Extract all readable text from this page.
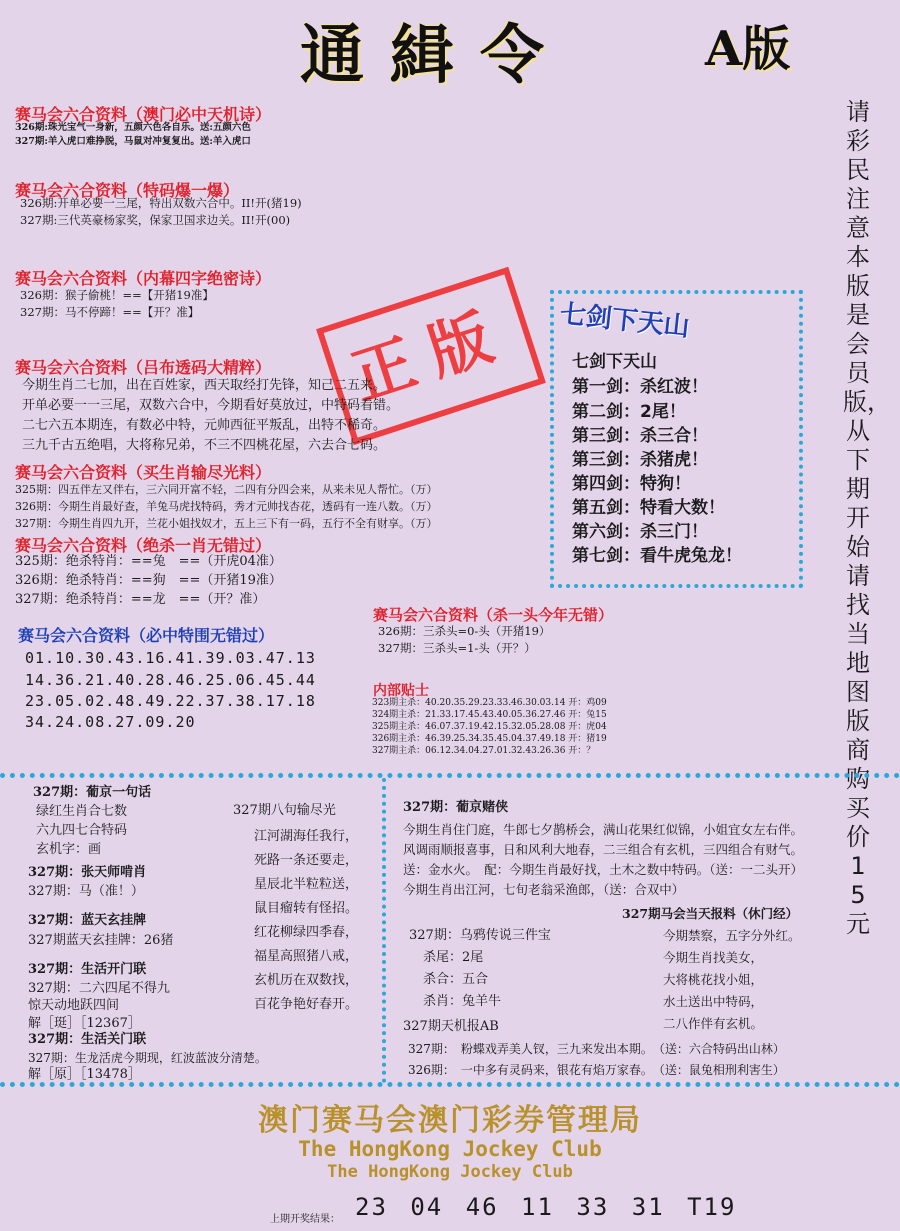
通緝令	A版
赛马会六合资料（澳门必中天机诗）
326期:珠光宝气一身新，五颜六色各自乐。送:五颜六色
327期:羊入虎口难挣脱，马鼠对冲复复出。送:羊入虎口
赛马会六合资料（特码爆一爆）
326期:开单必要一三尾，特出双数六合中。II!开(猪19)
327期:三代英豪杨家奖，保家卫国求边关。II!开(00)
赛马会六合资料（内幕四字绝密诗）
326期：猴子偷桃！==【开猪19准】
327期：马不停蹄！==【开？准】	正版
赛马会六合资料（吕布透码大精粹）
今期生肖二七加，出在百姓家，西天取经打先锋，知己二五来。
开单必要一一三尾，双数六合中，今期看好莫放过，中特码看错。
二七六五本期连，有数必中特，元帅西征平叛乱，出特不稀奇。
三九千古五绝唱，大将称兄弟，不三不四桃花屋，六去合七码。
赛马会六合资料（买生肖输尽光料）
325期：四五伴左又伴右，三六同开富不轻，二四有分四会来，从来未见人帮忙。（万）
326期：今期生肖最好查，羊兔马虎找特码，秀才元帅找杏花，透码有一连八数。（万）
327期：今期生肖四九开，兰花小姐找奴才，五上三下有一码，五行不全有财享。（万）
赛马会六合资料（绝杀一肖无错过）
325期：绝杀特肖：==兔　==（开虎04准）
326期：绝杀特肖：==狗　==（开猪19准）
327期：绝杀特肖：==龙　==（开？准）
赛马会六合资料（必中特围无错过）
01.10.30.43.16.41.39.03.47.13
14.36.21.40.28.46.25.06.45.44
23.05.02.48.49.22.37.38.17.18
34.24.08.27.09.20
七剑下天山
七剑下天山
第一剑：杀红波！
第二剑：2尾！
第三剑：杀三合！
第三剑：杀猪虎！
第四剑：特狗！
第五剑：特看大数！
第六剑：杀三门！
第七剑：看牛虎兔龙！
请彩民注意本版是会员版，从下期开始请找当地图版商购买价15元
赛马会六合资料（杀一头今年无错）
326期：三杀头=0-头（开猪19）
327期：三杀头=1-头（开？）
内部贴士
323期主杀：40.20.35.29.23.33.46.30.03.14 开：鸡09
324期主杀：21.33.17.45.43.40.05.36.27.46 开：兔15
325期主杀：46.07.37.19.42.15.32.05.28.08 开：虎04
326期主杀：46.39.25.34.35.45.04.37.49.18 开：猪19
327期主杀：06.12.34.04.27.01.32.43.26.36 开：？
327期：葡京一句话
绿红生肖合七数
六九四七合特码
玄机字：画
327期：张天师啃肖
327期：马（准！）
327期：蓝天玄挂牌
327期蓝天玄挂牌：26猪
327期：生活开门联
327期：二六四尾不得九
惊天动地跃四间
解［珽］［12367］
327期：生活关门联
327期：生龙活虎今期现，红波蓝波分清楚。
解［原］［13478］
327期八句输尽光
江河湖海任我行，
死路一条还要走，
星辰北半粒粒送，
鼠目瘤转有怪招。
红花柳绿四季春，
福星高照猪八戒，
玄机历在双数找，
百花争艳好春开。
327期：葡京赌侠
今期生肖住门庭，牛郎七夕鹊桥会，满山花果红似锦，小姐宜女左右伴。
风调雨顺报喜事，日和风利大地春，二三组合有玄机，三四组合有财气。
送：金水火。　配：今期生肖最好找，土木之数中特码。（送：一二头开）
今期生肖出江河，七旬老翁采渔郎，（送：合双中）
327期马会当天报料（休门经）
今期禁察，五字分外红。
今期生肖找美女，
大将桃花找小姐，
水土送出中特码，
二八作伴有玄机。
327期：乌鸦传说三件宝
杀尾：2尾
杀合：五合
杀肖：兔羊牛
327期天机报AB
327期：　粉蝶戏弄美人钗，三九来发出本期。　（送：六合特码出山林）
326期：　一中多有灵码来，银花有焰万家春。　（送：鼠兔相刑利害生）
澳门赛马会澳门彩券管理局
The HongKong Jockey Club
The HongKong Jockey Club
上期开奖结果： 23 04 46 11 33 31 T19
